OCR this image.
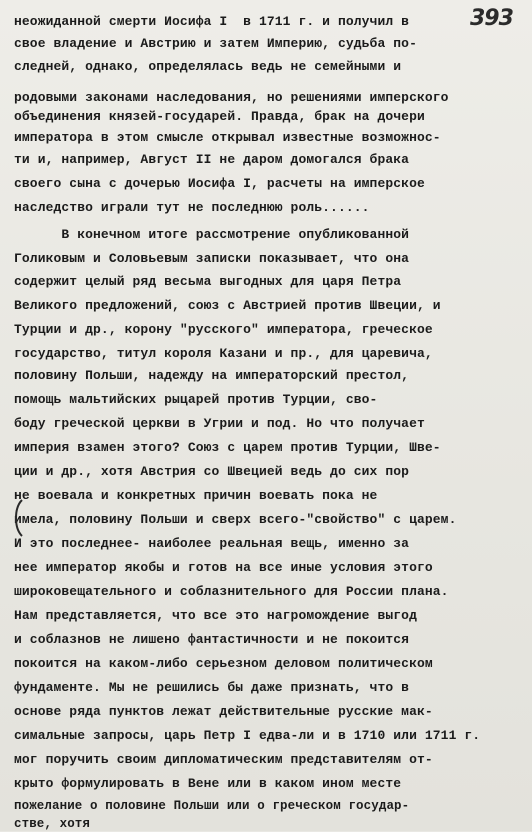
393
неожиданной смерти Иосифа I  в 1711 г. и получил в
свое владение и Австрию и затем Империю, судьба по-
следней, однако, определялась ведь не семейными и
родовыми законами наследования, но решениями имперского
объединения князей-государей. Правда, брак на дочери
императора в этом смысле открывал известные возможнос-
ти и, например, Август II не даром домогался брака
своего сына с дочерью Иосифа I, расчеты на имперское
наследство играли тут не последнюю роль......
В конечном итоге рассмотрение опубликованной
Голиковым и Соловьевым записки показывает, что она
содержит целый ряд весьма выгодных для царя Петра
Великого предложений, союз с Австрией против Швеции, и
Турции и др., корону "русского" императора, греческое
государство, титул короля Казани и пр., для царевича,
половину Польши, надежду на императорский престол,
помощь мальтийских рыцарей против Турции, сво-
боду греческой церкви в Угрии и под. Но что получает
империя взамен этого? Союз с царем против Турции, Шве-
ции и др., хотя Австрия со Швецией ведь до сих пор
не воевала и конкретных причин воевать пока не
имела, половину Польши и сверх всего-"свойство" с царем.
И это последнее- наиболее реальная вещь, именно за
нее император якобы и готов на все иные условия этого
широковещательного и соблазнительного для России плана.
Нам представляется, что все это нагромождение выгод
и соблазнов не лишено фантастичности и не покоится
покоится на каком-либо серьезном деловом политическом
фундаменте. Мы не решились бы даже признать, что в
основе ряда пунктов лежат действительные русские мак-
симальные запросы, царь Петр I едва-ли и в 1710 или 1711 г.
мог поручить своим дипломатическим представителям от-
крыто формулировать в Вене или в каком ином месте
пожелание о половине Польши или о греческом государ-
стве, хотя
